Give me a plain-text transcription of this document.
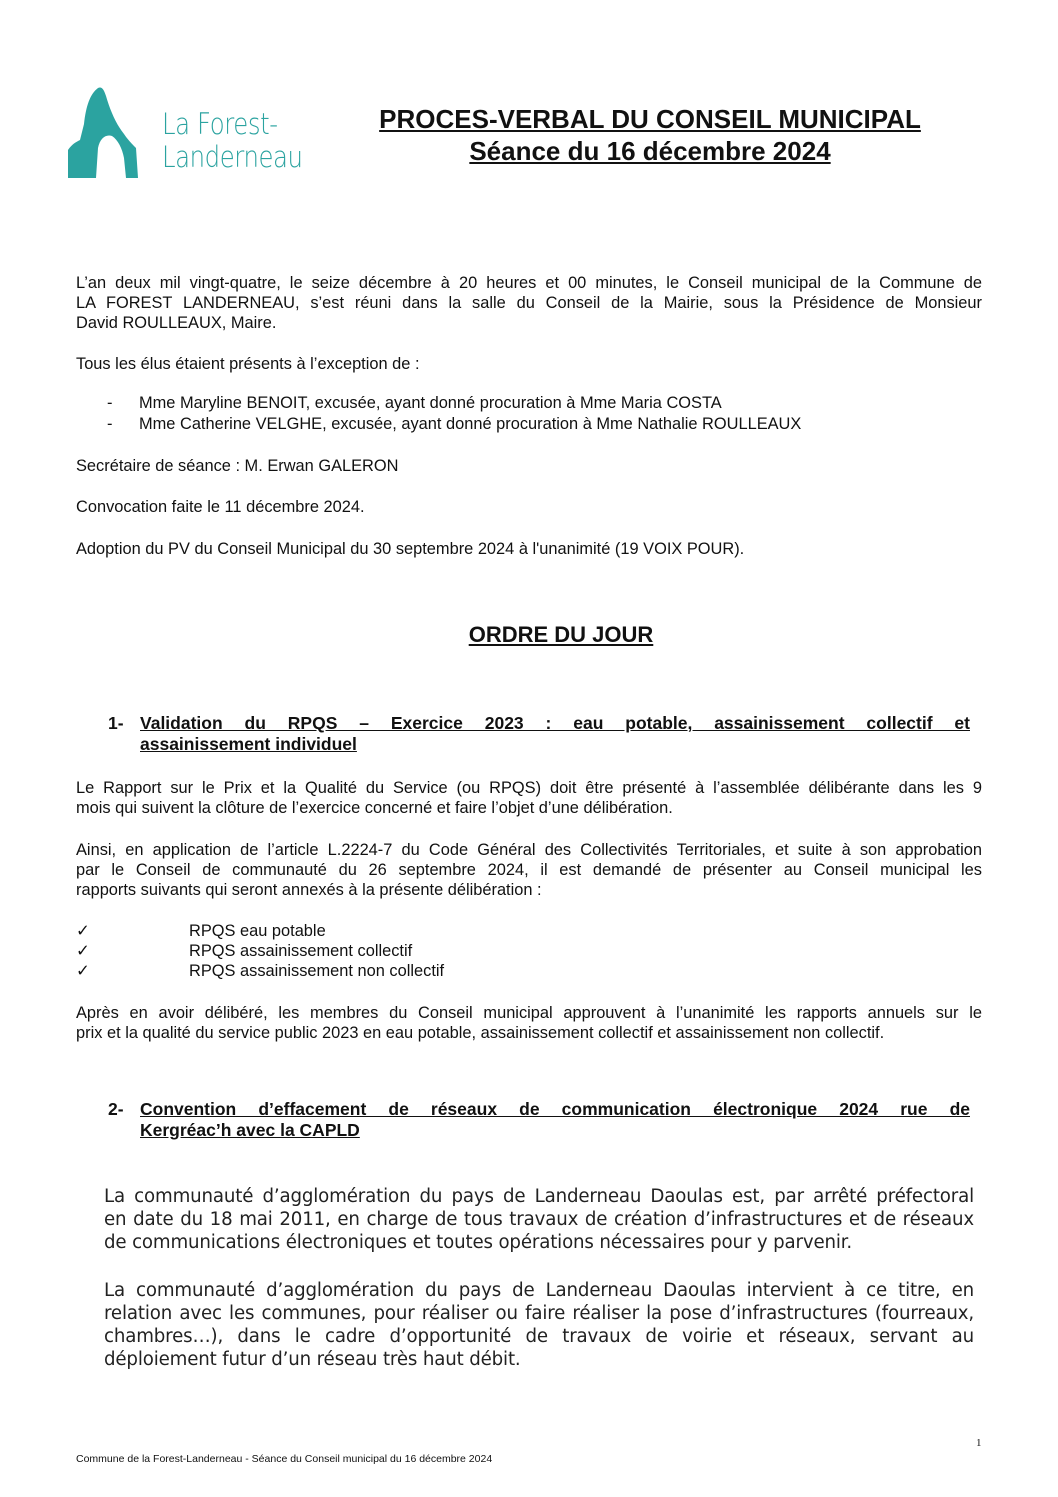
La Forest-
Landerneau
PROCES-VERBAL DU CONSEIL MUNICIPAL
Séance du 16 décembre 2024
L’an deux mil vingt-quatre, le seize décembre à 20 heures et 00 minutes, le Conseil municipal de la Commune de
LA FOREST LANDERNEAU, s’est réuni dans la salle du Conseil de la Mairie, sous la Présidence de Monsieur
David ROULLEAUX, Maire.
Tous les élus étaient présents à l’exception de :
- Mme Maryline BENOIT, excusée, ayant donné procuration à Mme Maria COSTA
- Mme Catherine VELGHE, excusée, ayant donné procuration à Mme Nathalie ROULLEAUX
Secrétaire de séance : M. Erwan GALERON
Convocation faite le 11 décembre 2024.
Adoption du PV du Conseil Municipal du 30 septembre 2024 à l'unanimité (19 VOIX POUR).
ORDRE DU JOUR
1- Validation du RPQS – Exercice 2023 : eau potable, assainissement collectif et
assainissement individuel
Le Rapport sur le Prix et la Qualité du Service (ou RPQS) doit être présenté à l’assemblée délibérante dans les 9
mois qui suivent la clôture de l’exercice concerné et faire l’objet d’une délibération.
Ainsi, en application de l’article L.2224-7 du Code Général des Collectivités Territoriales, et suite à son approbation
par le Conseil de communauté du 26 septembre 2024, il est demandé de présenter au Conseil municipal les
rapports suivants qui seront annexés à la présente délibération :
✓	RPQS eau potable
✓	RPQS assainissement collectif
✓	RPQS assainissement non collectif
Après en avoir délibéré, les membres du Conseil municipal approuvent à l’unanimité les rapports annuels sur le
prix et la qualité du service public 2023 en eau potable, assainissement collectif et assainissement non collectif.
2- Convention d’effacement de réseaux de communication électronique 2024 rue de
Kergréac’h avec la CAPLD
La communauté d’agglomération du pays de Landerneau Daoulas est, par arrêté préfectoral
en date du 18 mai 2011, en charge de tous travaux de création d’infrastructures et de réseaux
de communications électroniques et toutes opérations nécessaires pour y parvenir.
La communauté d’agglomération du pays de Landerneau Daoulas intervient à ce titre, en
relation avec les communes, pour réaliser ou faire réaliser la pose d’infrastructures (fourreaux,
chambres…), dans le cadre d’opportunité de travaux de voirie et réseaux, servant au
déploiement futur d’un réseau très haut débit.
1
Commune de la Forest-Landerneau - Séance du Conseil municipal du 16 décembre 2024
